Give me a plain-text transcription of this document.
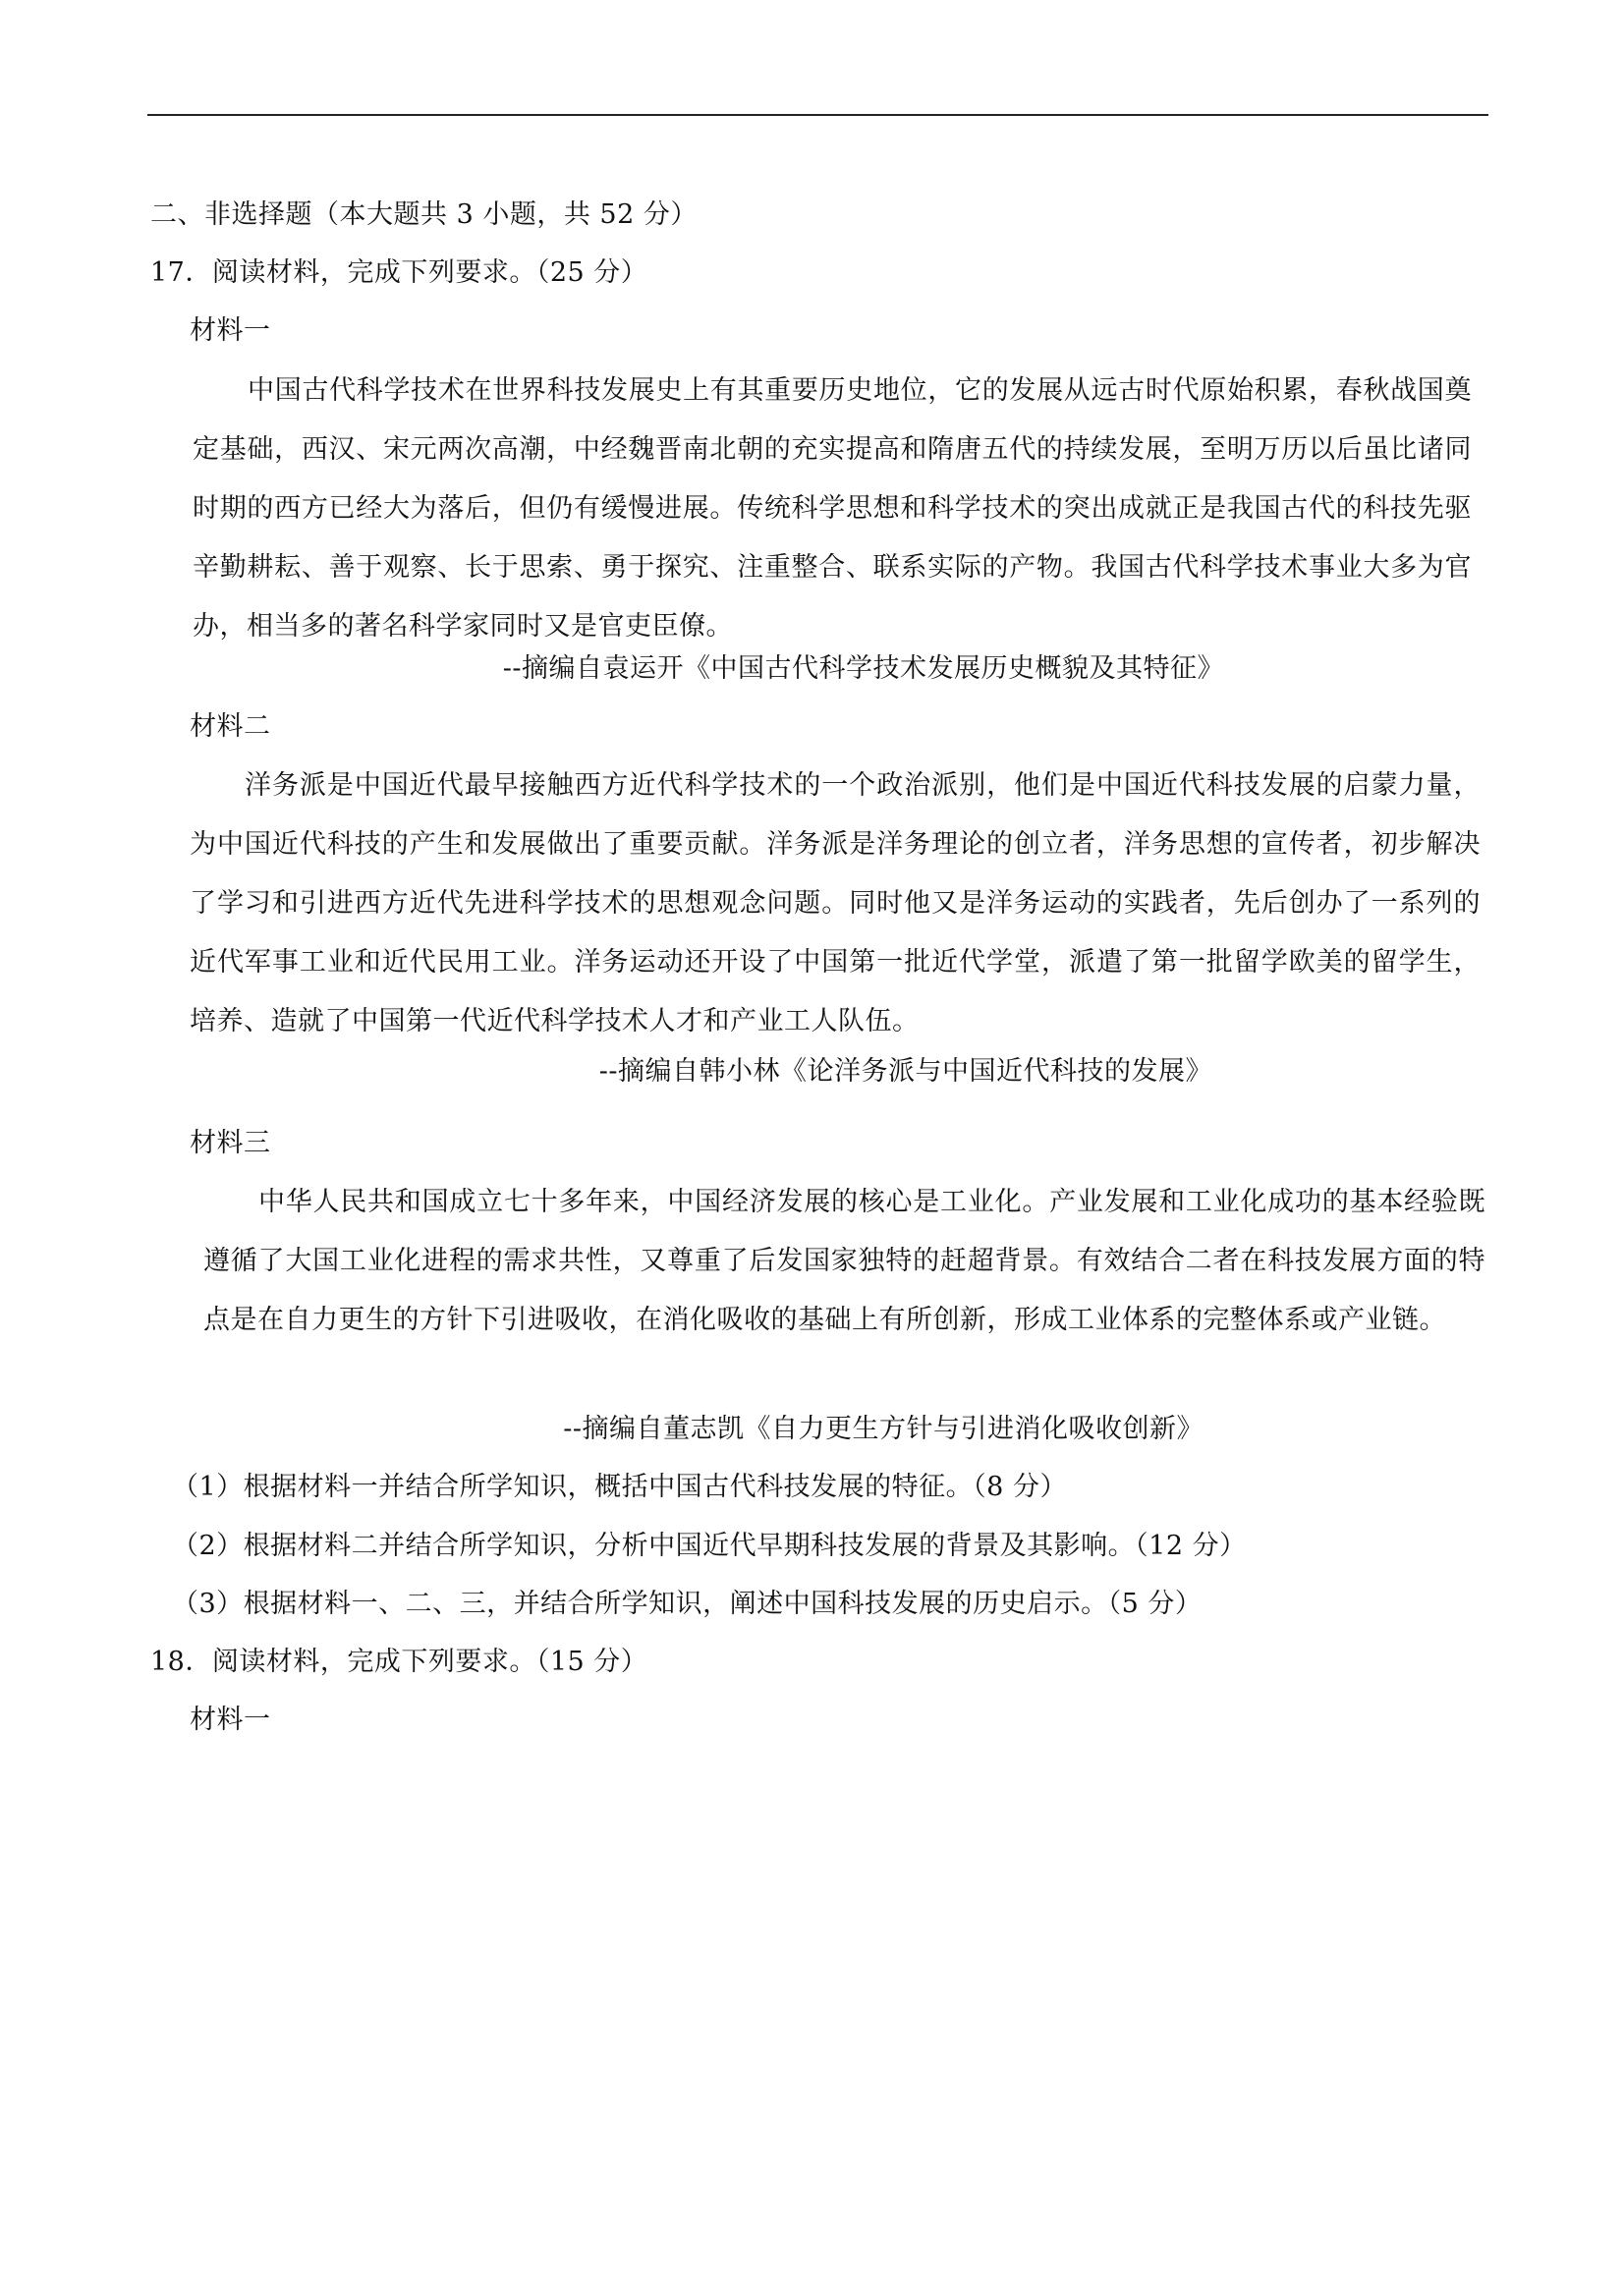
二、非选择题（本大题共 3 小题，共 52 分）
17．阅读材料，完成下列要求。（25 分）
材料一
中国古代科学技术在世界科技发展史上有其重要历史地位，它的发展从远古时代原始积累，春秋战国奠定基础，西汉、宋元两次高潮，中经魏晋南北朝的充实提高和隋唐五代的持续发展，至明万历以后虽比诸同时期的西方已经大为落后，但仍有缓慢进展。传统科学思想和科学技术的突出成就正是我国古代的科技先驱辛勤耕耘、善于观察、长于思索、勇于探究、注重整合、联系实际的产物。我国古代科学技术事业大多为官办，相当多的著名科学家同时又是官吏臣僚。
--摘编自袁运开《中国古代科学技术发展历史概貌及其特征》
材料二
洋务派是中国近代最早接触西方近代科学技术的一个政治派别，他们是中国近代科技发展的启蒙力量，为中国近代科技的产生和发展做出了重要贡献。洋务派是洋务理论的创立者，洋务思想的宣传者，初步解决了学习和引进西方近代先进科学技术的思想观念问题。同时他又是洋务运动的实践者，先后创办了一系列的近代军事工业和近代民用工业。洋务运动还开设了中国第一批近代学堂，派遣了第一批留学欧美的留学生，培养、造就了中国第一代近代科学技术人才和产业工人队伍。
--摘编自韩小林《论洋务派与中国近代科技的发展》
材料三
中华人民共和国成立七十多年来，中国经济发展的核心是工业化。产业发展和工业化成功的基本经验既遵循了大国工业化进程的需求共性，又尊重了后发国家独特的赶超背景。有效结合二者在科技发展方面的特点是在自力更生的方针下引进吸收，在消化吸收的基础上有所创新，形成工业体系的完整体系或产业链。
--摘编自董志凯《自力更生方针与引进消化吸收创新》
（1）根据材料一并结合所学知识，概括中国古代科技发展的特征。（8 分）
（2）根据材料二并结合所学知识，分析中国近代早期科技发展的背景及其影响。（12 分）
（3）根据材料一、二、三，并结合所学知识，阐述中国科技发展的历史启示。（5 分）
18．阅读材料，完成下列要求。（15 分）
材料一
